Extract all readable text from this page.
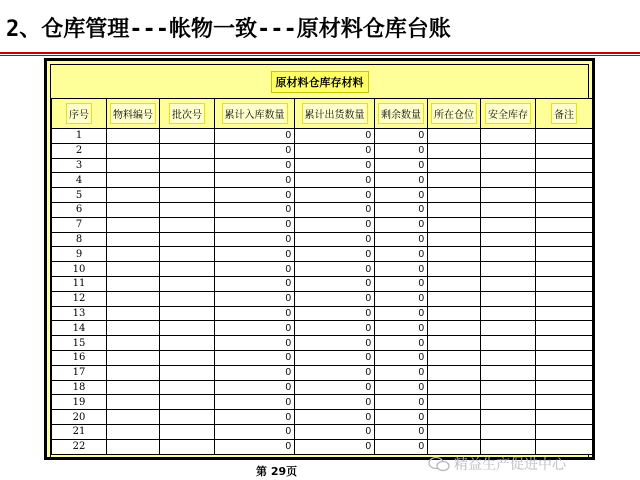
2、仓库管理---帐物一致---原材料仓库台账
原材料仓库存材料
序号	物料编号	批次号	累计入库数量	累计出货数量	剩余数量	所在仓位	安全库存	备注
1			0	0	0			
2			0	0	0			
3			0	0	0			
4			0	0	0			
5			0	0	0			
6			0	0	0			
7			0	0	0			
8			0	0	0			
9			0	0	0			
10			0	0	0			
11			0	0	0			
12			0	0	0			
13			0	0	0			
14			0	0	0			
15			0	0	0			
16			0	0	0			
17			0	0	0			
18			0	0	0			
19			0	0	0			
20			0	0	0			
21			0	0	0			
22			0	0	0			
第 29页	精益生产促进中心
